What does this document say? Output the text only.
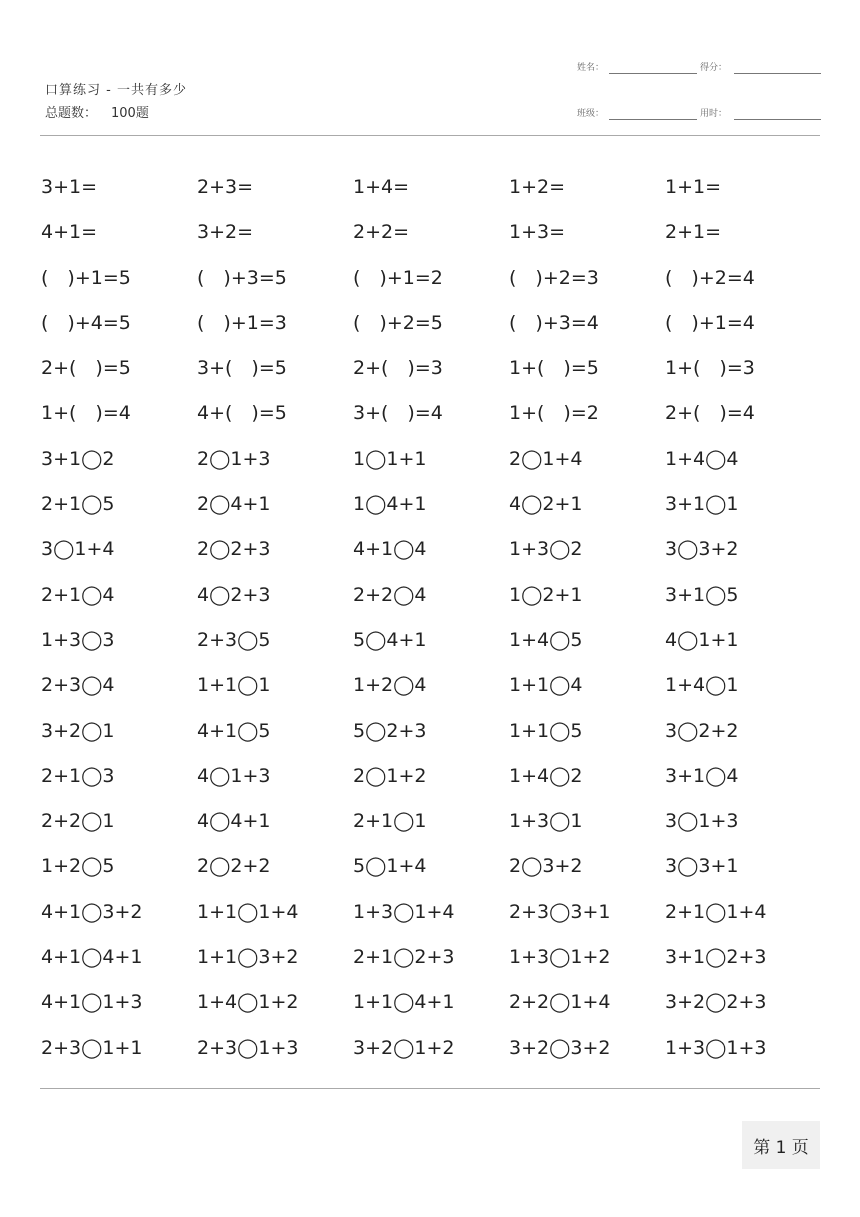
口算练习 - 一共有多少
总题数： 100题
姓名：	得分：
班级：	用时：
3+1=	2+3=	1+4=	1+2=	1+1=
4+1=	3+2=	2+2=	1+3=	2+1=
(　)+1=5	(　)+3=5	(　)+1=2	(　)+2=3	(　)+2=4
(　)+4=5	(　)+1=3	(　)+2=5	(　)+3=4	(　)+1=4
2+(　)=5	3+(　)=5	2+(　)=3	1+(　)=5	1+(　)=3
1+(　)=4	4+(　)=5	3+(　)=4	1+(　)=2	2+(　)=4
3+1◯2	2◯1+3	1◯1+1	2◯1+4	1+4◯4
2+1◯5	2◯4+1	1◯4+1	4◯2+1	3+1◯1
3◯1+4	2◯2+3	4+1◯4	1+3◯2	3◯3+2
2+1◯4	4◯2+3	2+2◯4	1◯2+1	3+1◯5
1+3◯3	2+3◯5	5◯4+1	1+4◯5	4◯1+1
2+3◯4	1+1◯1	1+2◯4	1+1◯4	1+4◯1
3+2◯1	4+1◯5	5◯2+3	1+1◯5	3◯2+2
2+1◯3	4◯1+3	2◯1+2	1+4◯2	3+1◯4
2+2◯1	4◯4+1	2+1◯1	1+3◯1	3◯1+3
1+2◯5	2◯2+2	5◯1+4	2◯3+2	3◯3+1
4+1◯3+2	1+1◯1+4	1+3◯1+4	2+3◯3+1	2+1◯1+4
4+1◯4+1	1+1◯3+2	2+1◯2+3	1+3◯1+2	3+1◯2+3
4+1◯1+3	1+4◯1+2	1+1◯4+1	2+2◯1+4	3+2◯2+3
2+3◯1+1	2+3◯1+3	3+2◯1+2	3+2◯3+2	1+3◯1+3
第 1 页
